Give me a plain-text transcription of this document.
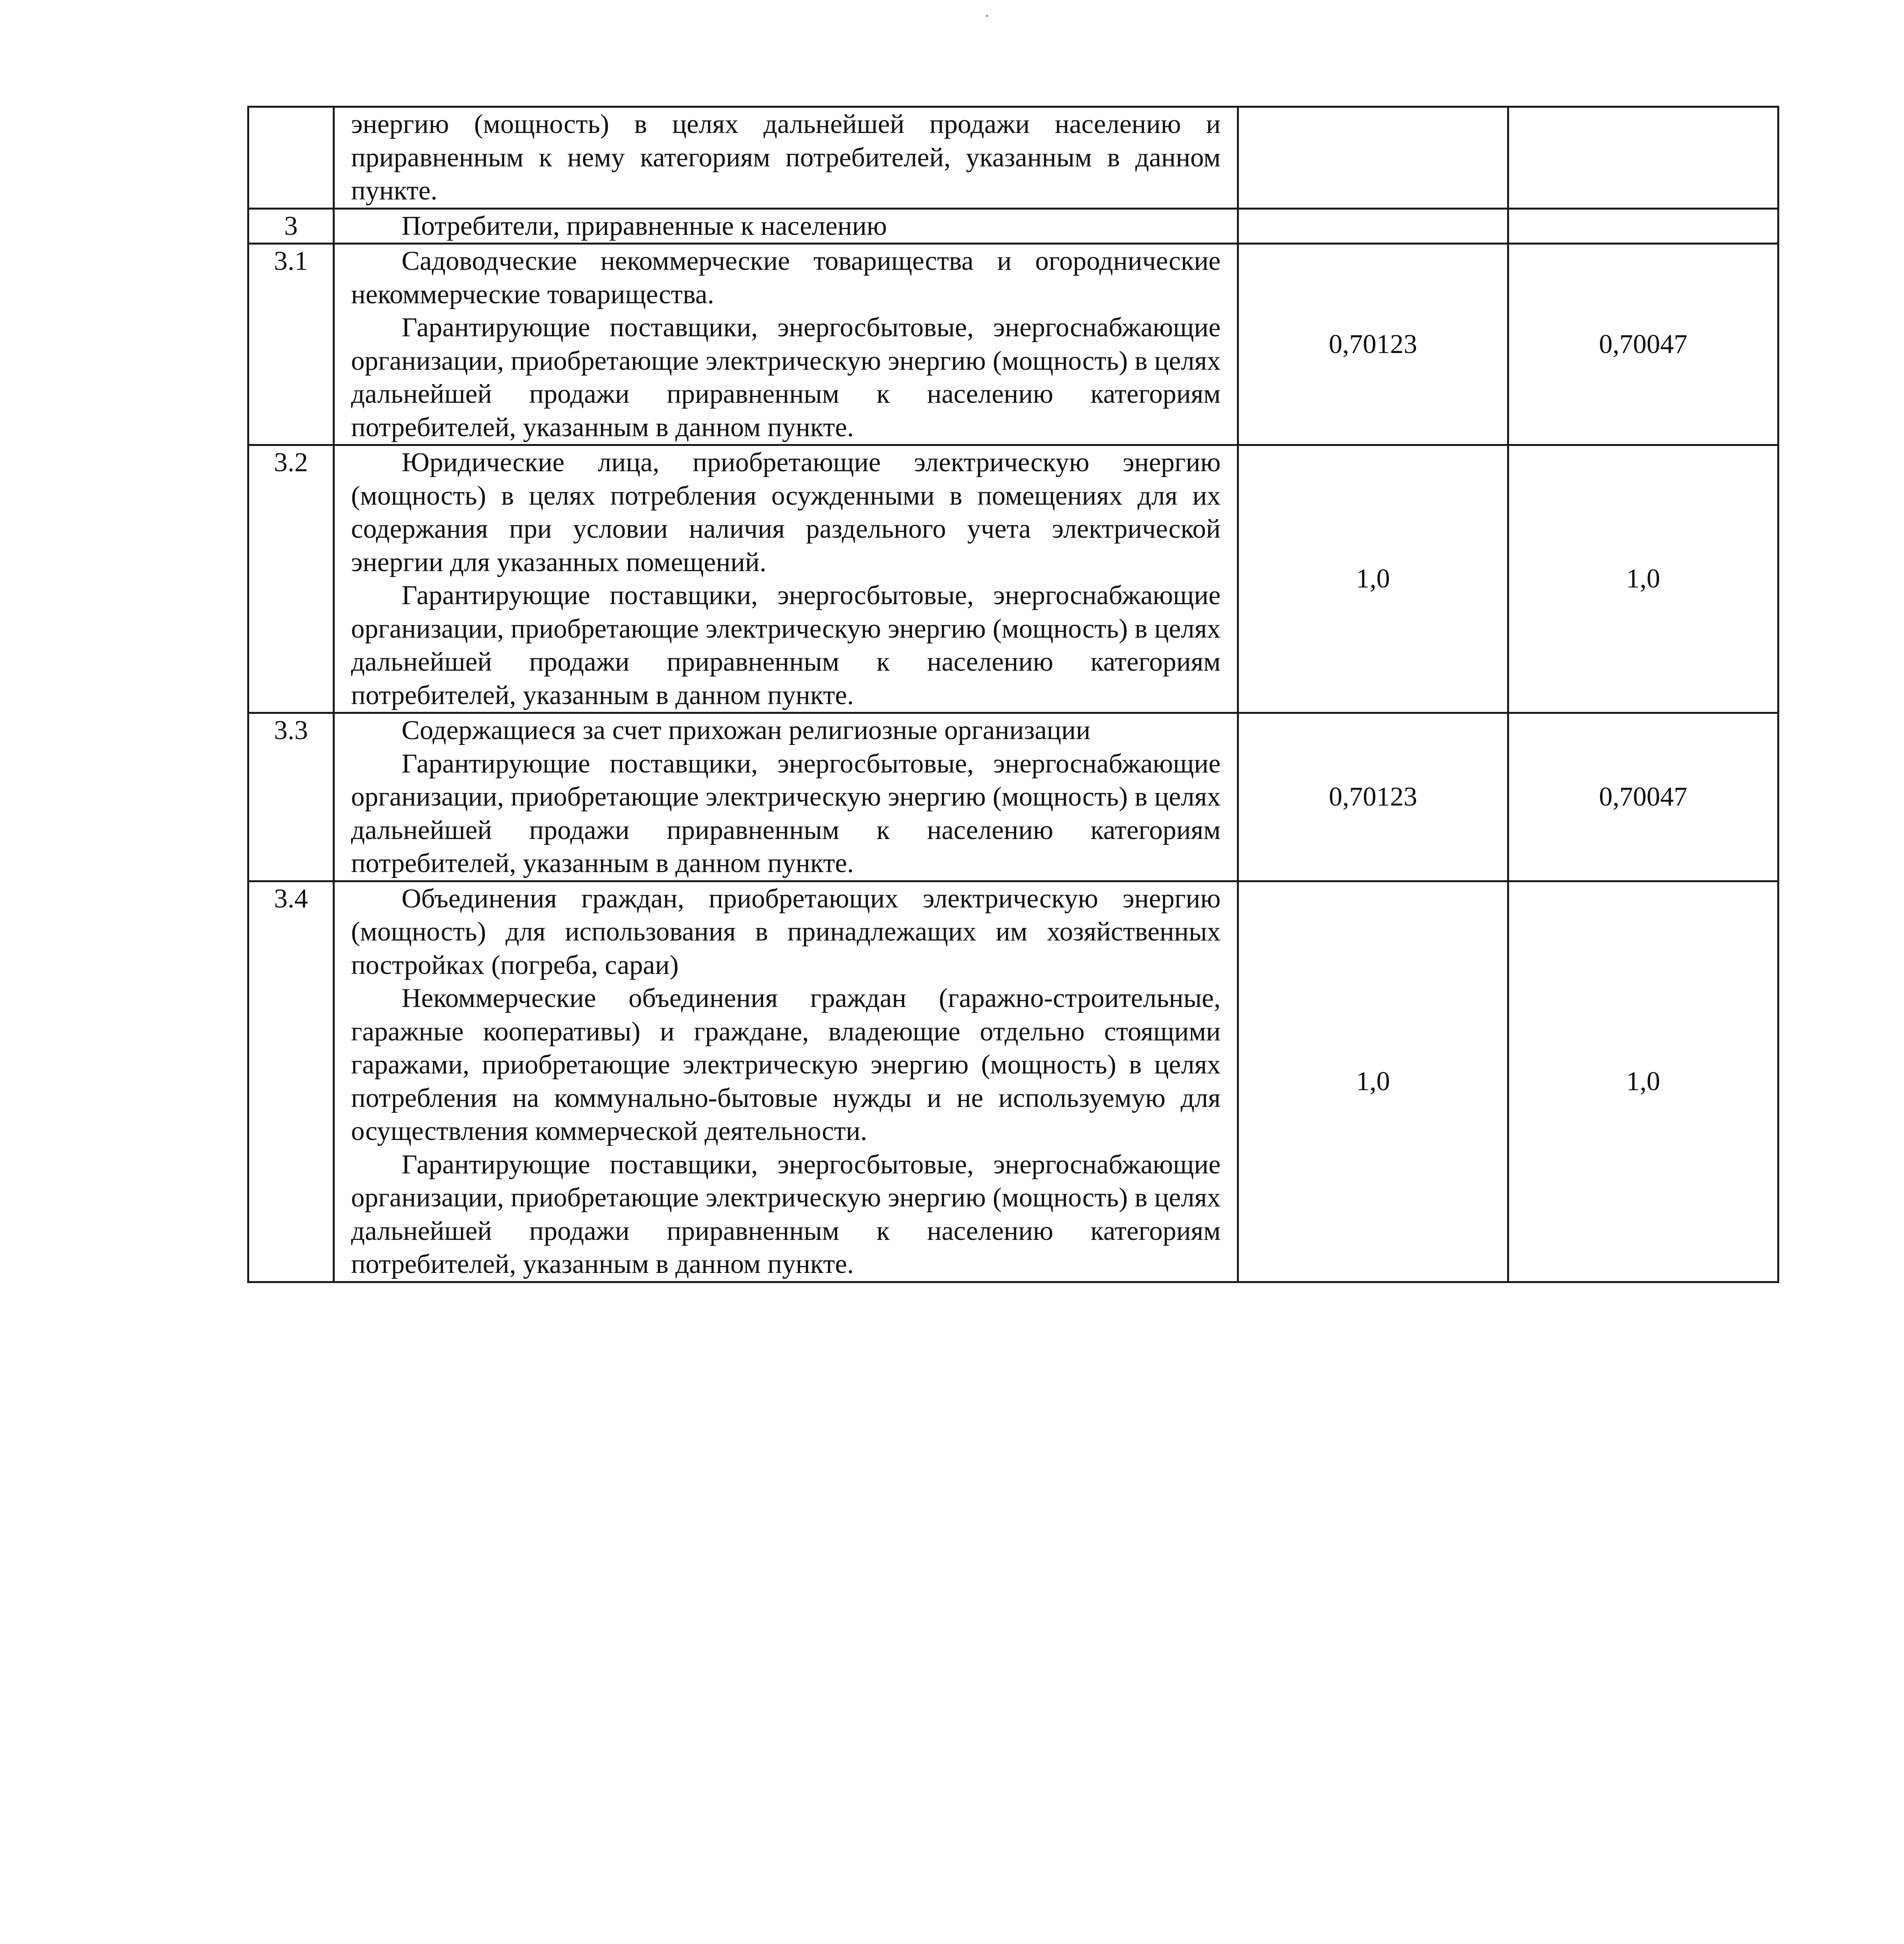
	энергию (мощность) в целях дальнейшей продажи населению и приравненным к нему категориям потребителей, указанным в данном пункте.		

3	Потребители, приравненные к населению		

3.1	Садоводческие некоммерческие товарищества и огороднические некоммерческие товарищества.

Гарантирующие поставщики, энергосбытовые, энергоснабжающие организации, приобретающие электрическую энергию (мощность) в целях дальнейшей продажи приравненным к населению категориям потребителей, указанным в данном пункте.	0,70123	0,70047
3.2	Юридические лица, приобретающие электрическую энергию (мощность) в целях потребления осужденными в помещениях для их содержания при условии наличия раздельного учета электрической энергии для указанных помещений.

Гарантирующие поставщики, энергосбытовые, энергоснабжающие организации, приобретающие электрическую энергию (мощность) в целях дальнейшей продажи приравненным к населению категориям потребителей, указанным в данном пункте.	1,0	1,0
3.3	Содержащиеся за счет прихожан религиозные организации

Гарантирующие поставщики, энергосбытовые, энергоснабжающие организации, приобретающие электрическую энергию (мощность) в целях дальнейшей продажи приравненным к населению категориям потребителей, указанным в данном пункте.	0,70123	0,70047
3.4	Объединения граждан, приобретающих электрическую энергию (мощность) для использования в принадлежащих им хозяйственных постройках (погреба, сараи)

Некоммерческие объединения граждан (гаражно-строительные, гаражные кооперативы) и граждане, владеющие отдельно стоящими гаражами, приобретающие электрическую энергию (мощность) в целях потребления на коммунально-бытовые нужды и не используемую для осуществления коммерческой деятельности.

Гарантирующие поставщики, энергосбытовые, энергоснабжающие организации, приобретающие электрическую энергию (мощность) в целях дальнейшей продажи приравненным к населению категориям потребителей, указанным в данном пункте.	1,0	1,0
